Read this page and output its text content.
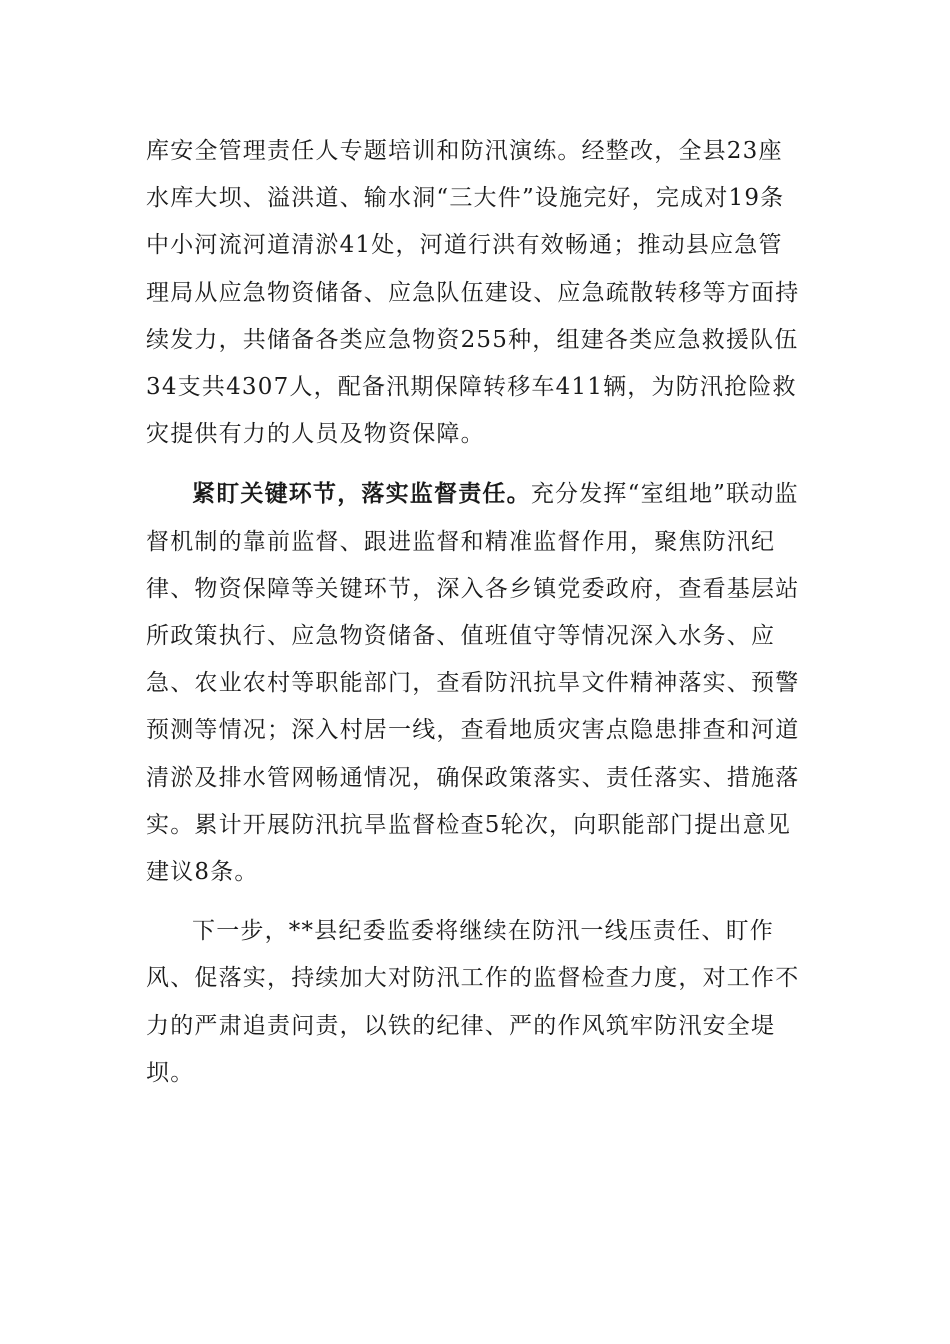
库安全管理责任人专题培训和防汛演练。经整改，全县23座水库大坝、溢洪道、输水洞“三大件”设施完好，完成对19条中小河流河道清淤41处，河道行洪有效畅通；推动县应急管理局从应急物资储备、应急队伍建设、应急疏散转移等方面持续发力，共储备各类应急物资255种，组建各类应急救援队伍34支共4307人，配备汛期保障转移车411辆，为防汛抢险救灾提供有力的人员及物资保障。

紧盯关键环节，落实监督责任。充分发挥“室组地”联动监督机制的靠前监督、跟进监督和精准监督作用，聚焦防汛纪律、物资保障等关键环节，深入各乡镇党委政府，查看基层站所政策执行、应急物资储备、值班值守等情况深入水务、应急、农业农村等职能部门，查看防汛抗旱文件精神落实、预警预测等情况；深入村居一线，查看地质灾害点隐患排查和河道清淤及排水管网畅通情况，确保政策落实、责任落实、措施落实。累计开展防汛抗旱监督检查5轮次，向职能部门提出意见建议8条。

下一步，**县纪委监委将继续在防汛一线压责任、盯作风、促落实，持续加大对防汛工作的监督检查力度，对工作不力的严肃追责问责，以铁的纪律、严的作风筑牢防汛安全堤坝。
